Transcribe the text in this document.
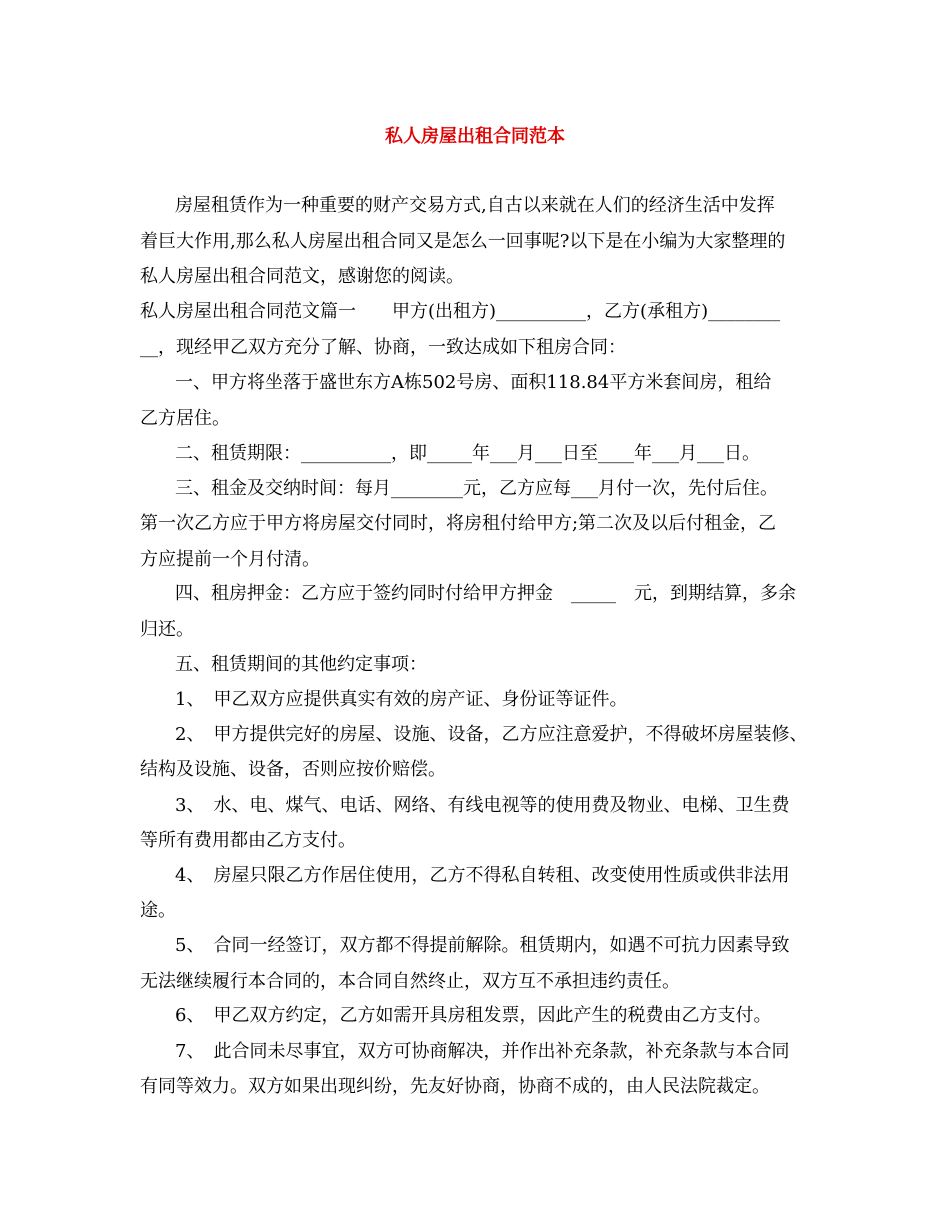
私人房屋出租合同范本
房屋租赁作为一种重要的财产交易方式,自古以来就在人们的经济生活中发挥
着巨大作用,那么私人房屋出租合同又是怎么一回事呢?以下是在小编为大家整理的
私人房屋出租合同范文，感谢您的阅读。
私人房屋出租合同范文篇一　　甲方(出租方)__________，乙方(承租方)________
__，现经甲乙双方充分了解、协商，一致达成如下租房合同：
一、甲方将坐落于盛世东方A栋502号房、面积118.84平方米套间房，租给
乙方居住。
二、租赁期限：__________，即_____年___月___日至____年___月___日。
三、租金及交纳时间：每月________元，乙方应每___月付一次，先付后住。
第一次乙方应于甲方将房屋交付同时，将房租付给甲方;第二次及以后付租金，乙
方应提前一个月付清。
四、租房押金：乙方应于签约同时付给甲方押金　_____　元，到期结算，多余
归还。
五、租赁期间的其他约定事项：
1、　甲乙双方应提供真实有效的房产证、身份证等证件。
2、　甲方提供完好的房屋、设施、设备，乙方应注意爱护，不得破坏房屋装修、
结构及设施、设备，否则应按价赔偿。
3、　水、电、煤气、电话、网络、有线电视等的使用费及物业、电梯、卫生费
等所有费用都由乙方支付。
4、　房屋只限乙方作居住使用，乙方不得私自转租、改变使用性质或供非法用
途。
5、　合同一经签订，双方都不得提前解除。租赁期内，如遇不可抗力因素导致
无法继续履行本合同的，本合同自然终止，双方互不承担违约责任。
6、　甲乙双方约定，乙方如需开具房租发票，因此产生的税费由乙方支付。
7、　此合同未尽事宜，双方可协商解决，并作出补充条款，补充条款与本合同
有同等效力。双方如果出现纠纷，先友好协商，协商不成的，由人民法院裁定。
